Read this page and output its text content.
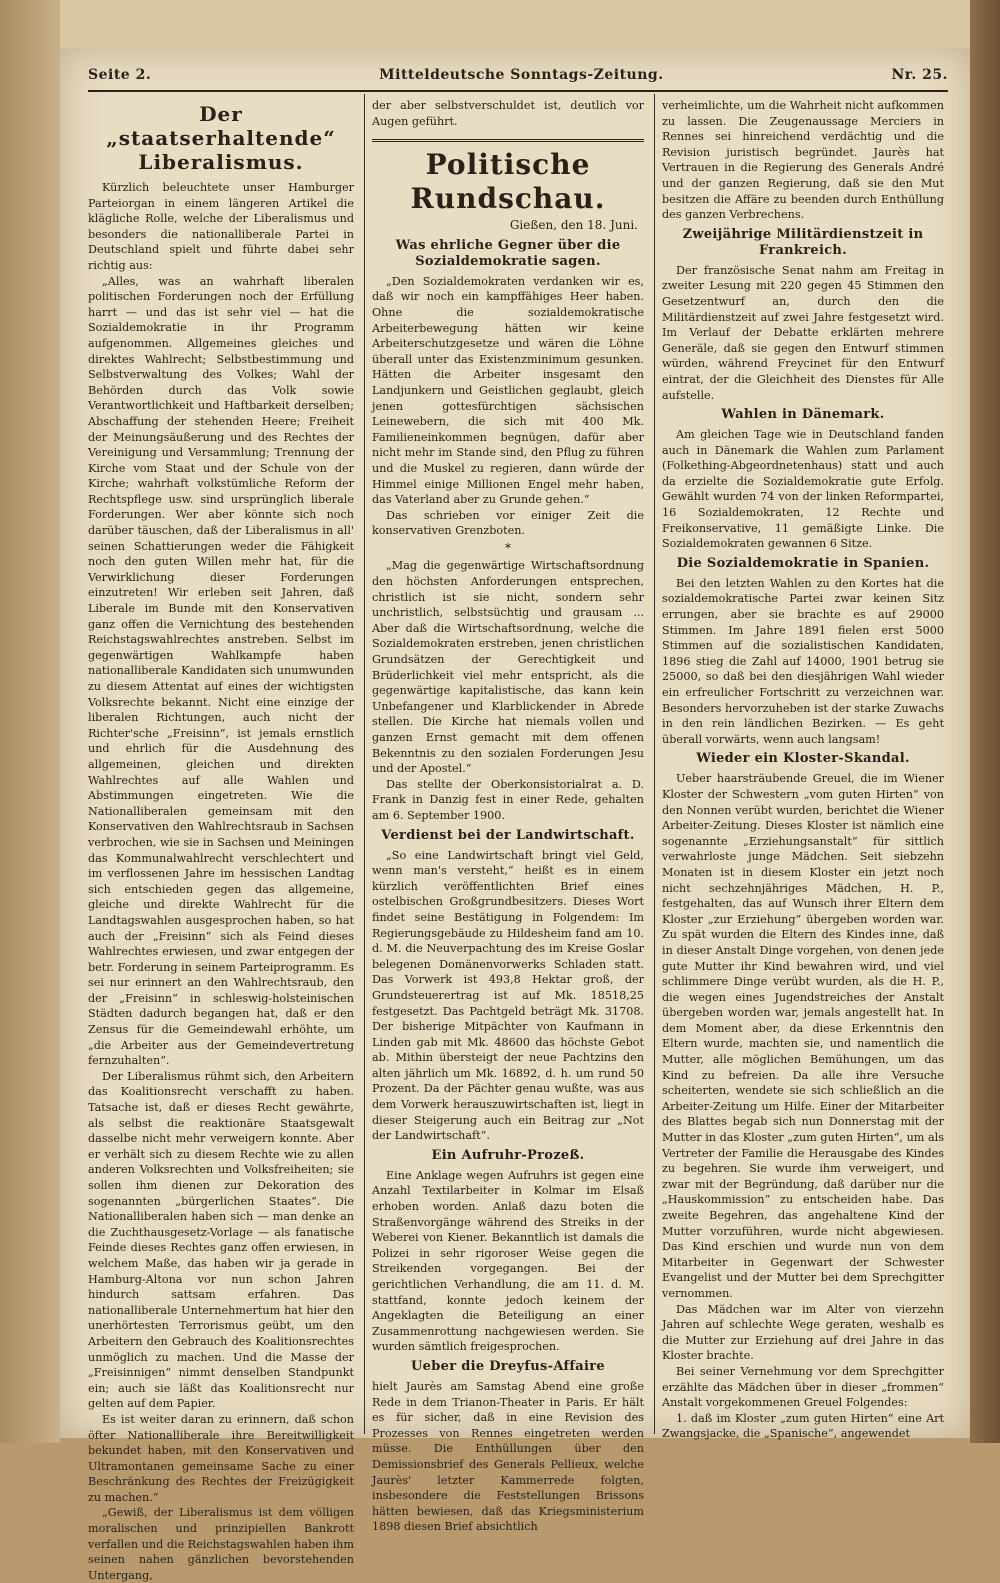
Seite 2.	Mitteldeutsche Sonntags-Zeitung.	Nr. 25.
Der „staatserhaltende“ Liberalismus.

Kürzlich beleuchtete unser Hamburger Parteiorgan in einem längeren Artikel die klägliche Rolle, welche der Liberalismus und besonders die nationalliberale Partei in Deutschland spielt und führte dabei sehr richtig aus:

„Alles, was an wahrhaft liberalen politischen Forderungen noch der Erfüllung harrt — und das ist sehr viel — hat die Sozialdemokratie in ihr Programm aufgenommen. Allgemeines gleiches und direktes Wahlrecht; Selbstbestimmung und Selbstverwaltung des Volkes; Wahl der Behörden durch das Volk sowie Verantwortlichkeit und Haftbarkeit derselben; Abschaffung der stehenden Heere; Freiheit der Meinungsäußerung und des Rechtes der Vereinigung und Versammlung; Trennung der Kirche vom Staat und der Schule von der Kirche; wahrhaft volkstümliche Reform der Rechtspflege usw. sind ursprünglich liberale Forderungen. Wer aber könnte sich noch darüber täuschen, daß der Liberalismus in all' seinen Schattierungen weder die Fähigkeit noch den guten Willen mehr hat, für die Verwirklichung dieser Forderungen einzutreten! Wir erleben seit Jahren, daß Liberale im Bunde mit den Konservativen ganz offen die Vernichtung des bestehenden Reichstagswahlrechtes anstreben. Selbst im gegenwärtigen Wahlkampfe haben nationalliberale Kandidaten sich unumwunden zu diesem Attentat auf eines der wichtigsten Volksrechte bekannt. Nicht eine einzige der liberalen Richtungen, auch nicht der Richter'sche „Freisinn“, ist jemals ernstlich und ehrlich für die Ausdehnung des allgemeinen, gleichen und direkten Wahlrechtes auf alle Wahlen und Abstimmungen eingetreten. Wie die Nationalliberalen gemeinsam mit den Konservativen den Wahlrechtsraub in Sachsen verbrochen, wie sie in Sachsen und Meiningen das Kommunalwahlrecht verschlechtert und im verflossenen Jahre im hessischen Landtag sich entschieden gegen das allgemeine, gleiche und direkte Wahlrecht für die Landtagswahlen ausgesprochen haben, so hat auch der „Freisinn“ sich als Feind dieses Wahlrechtes erwiesen, und zwar entgegen der betr. Forderung in seinem Parteiprogramm. Es sei nur erinnert an den Wahlrechtsraub, den der „Freisinn“ in schleswig-holsteinischen Städten dadurch begangen hat, daß er den Zensus für die Gemeindewahl erhöhte, um „die Arbeiter aus der Gemeindevertretung fernzuhalten“.

Der Liberalismus rühmt sich, den Arbeitern das Koalitionsrecht verschafft zu haben. Tatsache ist, daß er dieses Recht gewährte, als selbst die reaktionäre Staatsgewalt dasselbe nicht mehr verweigern konnte. Aber er verhält sich zu diesem Rechte wie zu allen anderen Volksrechten und Volksfreiheiten; sie sollen ihm dienen zur Dekoration des sogenannten „bürgerlichen Staates“. Die Nationalliberalen haben sich — man denke an die Zuchthausgesetz-Vorlage — als fanatische Feinde dieses Rechtes ganz offen erwiesen, in welchem Maße, das haben wir ja gerade in Hamburg-Altona vor nun schon Jahren hindurch sattsam erfahren. Das nationalliberale Unternehmertum hat hier den unerhörtesten Terrorismus geübt, um den Arbeitern den Gebrauch des Koalitionsrechtes unmöglich zu machen. Und die Masse der „Freisinnigen“ nimmt denselben Standpunkt ein; auch sie läßt das Koalitionsrecht nur gelten auf dem Papier.

Es ist weiter daran zu erinnern, daß schon öfter Nationalliberale ihre Bereitwilligkeit bekundet haben, mit den Konservativen und Ultramontanen gemeinsame Sache zu einer Beschränkung des Rechtes der Freizügigkeit zu machen.“

„Gewiß, der Liberalismus ist dem völligen moralischen und prinzipiellen Bankrott verfallen und die Reichstagswahlen haben ihm seinen nahen gänzlichen bevorstehenden Untergang,

der aber selbstverschuldet ist, deutlich vor Augen geführt.

Politische Rundschau.
Gießen, den 18. Juni.
Was ehrliche Gegner über die Sozialdemokratie sagen.

„Den Sozialdemokraten verdanken wir es, daß wir noch ein kampffähiges Heer haben. Ohne die sozialdemokratische Arbeiterbewegung hätten wir keine Arbeiterschutzgesetze und wären die Löhne überall unter das Existenzminimum gesunken. Hätten die Arbeiter insgesamt den Landjunkern und Geistlichen geglaubt, gleich jenen gottesfürchtigen sächsischen Leinewebern, die sich mit 400 Mk. Familieneinkommen begnügen, dafür aber nicht mehr im Stande sind, den Pflug zu führen und die Muskel zu regieren, dann würde der Himmel einige Millionen Engel mehr haben, das Vaterland aber zu Grunde gehen.“

Das schrieben vor einiger Zeit die konservativen Grenzboten.

*

„Mag die gegenwärtige Wirtschaftsordnung den höchsten Anforderungen entsprechen, christlich ist sie nicht, sondern sehr unchristlich, selbstsüchtig und grausam ... Aber daß die Wirtschaftsordnung, welche die Sozialdemokraten erstreben, jenen christlichen Grundsätzen der Gerechtigkeit und Brüderlichkeit viel mehr entspricht, als die gegenwärtige kapitalistische, das kann kein Unbefangener und Klarblickender in Abrede stellen. Die Kirche hat niemals vollen und ganzen Ernst gemacht mit dem offenen Bekenntnis zu den sozialen Forderungen Jesu und der Apostel.“

Das stellte der Oberkonsistorialrat a. D. Frank in Danzig fest in einer Rede, gehalten am 6. September 1900.

Verdienst bei der Landwirtschaft.

„So eine Landwirtschaft bringt viel Geld, wenn man's versteht,“ heißt es in einem kürzlich veröffentlichten Brief eines ostelbischen Großgrundbesitzers. Dieses Wort findet seine Bestätigung in Folgendem: Im Regierungsgebäude zu Hildesheim fand am 10. d. M. die Neuverpachtung des im Kreise Goslar belegenen Domänenvorwerks Schladen statt. Das Vorwerk ist 493,8 Hektar groß, der Grundsteuerertrag ist auf Mk. 18518,25 festgesetzt. Das Pachtgeld beträgt Mk. 31708. Der bisherige Mitpächter von Kaufmann in Linden gab mit Mk. 48600 das höchste Gebot ab. Mithin übersteigt der neue Pachtzins den alten jährlich um Mk. 16892, d. h. um rund 50 Prozent. Da der Pächter genau wußte, was aus dem Vorwerk herauszuwirtschaften ist, liegt in dieser Steigerung auch ein Beitrag zur „Not der Landwirtschaft“.

Ein Aufruhr-Prozeß.

Eine Anklage wegen Aufruhrs ist gegen eine Anzahl Textilarbeiter in Kolmar im Elsaß erhoben worden. Anlaß dazu boten die Straßenvorgänge während des Streiks in der Weberei von Kiener. Bekanntlich ist damals die Polizei in sehr rigoroser Weise gegen die Streikenden vorgegangen. Bei der gerichtlichen Verhandlung, die am 11. d. M. stattfand, konnte jedoch keinem der Angeklagten die Beteiligung an einer Zusammenrottung nachgewiesen werden. Sie wurden sämtlich freigesprochen.

Ueber die Dreyfus-Affaire

hielt Jaurès am Samstag Abend eine große Rede in dem Trianon-Theater in Paris. Er hält es für sicher, daß in eine Revision des Prozesses von Rennes eingetreten werden müsse. Die Enthüllungen über den Demissionsbrief des Generals Pellieux, welche Jaurès' letzter Kammerrede folgten, insbesondere die Feststellungen Brissons hätten bewiesen, daß das Kriegsministerium 1898 diesen Brief absichtlich

verheimlichte, um die Wahrheit nicht aufkommen zu lassen. Die Zeugenaussage Merciers in Rennes sei hinreichend verdächtig und die Revision juristisch begründet. Jaurès hat Vertrauen in die Regierung des Generals André und der ganzen Regierung, daß sie den Mut besitzen die Affäre zu beenden durch Enthüllung des ganzen Verbrechens.

Zweijährige Militärdienstzeit in Frankreich.

Der französische Senat nahm am Freitag in zweiter Lesung mit 220 gegen 45 Stimmen den Gesetzentwurf an, durch den die Militärdienstzeit auf zwei Jahre festgesetzt wird. Im Verlauf der Debatte erklärten mehrere Generäle, daß sie gegen den Entwurf stimmen würden, während Freycinet für den Entwurf eintrat, der die Gleichheit des Dienstes für Alle aufstelle.

Wahlen in Dänemark.

Am gleichen Tage wie in Deutschland fanden auch in Dänemark die Wahlen zum Parlament (Folkething-Abgeordnetenhaus) statt und auch da erzielte die Sozialdemokratie gute Erfolg. Gewählt wurden 74 von der linken Reformpartei, 16 Sozialdemokraten, 12 Rechte und Freikonservative, 11 gemäßigte Linke. Die Sozialdemokraten gewannen 6 Sitze.

Die Sozialdemokratie in Spanien.

Bei den letzten Wahlen zu den Kortes hat die sozialdemokratische Partei zwar keinen Sitz errungen, aber sie brachte es auf 29000 Stimmen. Im Jahre 1891 fielen erst 5000 Stimmen auf die sozialistischen Kandidaten, 1896 stieg die Zahl auf 14000, 1901 betrug sie 25000, so daß bei den diesjährigen Wahl wieder ein erfreulicher Fortschritt zu verzeichnen war. Besonders hervorzuheben ist der starke Zuwachs in den rein ländlichen Bezirken. — Es geht überall vorwärts, wenn auch langsam!

Wieder ein Kloster-Skandal.

Ueber haarsträubende Greuel, die im Wiener Kloster der Schwestern „vom guten Hirten“ von den Nonnen verübt wurden, berichtet die Wiener Arbeiter-Zeitung. Dieses Kloster ist nämlich eine sogenannte „Erziehungsanstalt“ für sittlich verwahrloste junge Mädchen. Seit siebzehn Monaten ist in diesem Kloster ein jetzt noch nicht sechzehnjähriges Mädchen, H. P., festgehalten, das auf Wunsch ihrer Eltern dem Kloster „zur Erziehung“ übergeben worden war. Zu spät wurden die Eltern des Kindes inne, daß in dieser Anstalt Dinge vorgehen, von denen jede gute Mutter ihr Kind bewahren wird, und viel schlimmere Dinge verübt wurden, als die H. P., die wegen eines Jugendstreiches der Anstalt übergeben worden war, jemals angestellt hat. In dem Moment aber, da diese Erkenntnis den Eltern wurde, machten sie, und namentlich die Mutter, alle möglichen Bemühungen, um das Kind zu befreien. Da alle ihre Versuche scheiterten, wendete sie sich schließlich an die Arbeiter-Zeitung um Hilfe. Einer der Mitarbeiter des Blattes begab sich nun Donnerstag mit der Mutter in das Kloster „zum guten Hirten“, um als Vertreter der Familie die Herausgabe des Kindes zu begehren. Sie wurde ihm verweigert, und zwar mit der Begründung, daß darüber nur die „Hauskommission“ zu entscheiden habe. Das zweite Begehren, das angehaltene Kind der Mutter vorzuführen, wurde nicht abgewiesen. Das Kind erschien und wurde nun von dem Mitarbeiter in Gegenwart der Schwester Evangelist und der Mutter bei dem Sprechgitter vernommen.

Das Mädchen war im Alter von vierzehn Jahren auf schlechte Wege geraten, weshalb es die Mutter zur Erziehung auf drei Jahre in das Kloster brachte.

Bei seiner Vernehmung vor dem Sprechgitter erzählte das Mädchen über in dieser „frommen“ Anstalt vorgekommenen Greuel Folgendes:

1. daß im Kloster „zum guten Hirten“ eine Art Zwangsjacke, die „Spanische“, angewendet
